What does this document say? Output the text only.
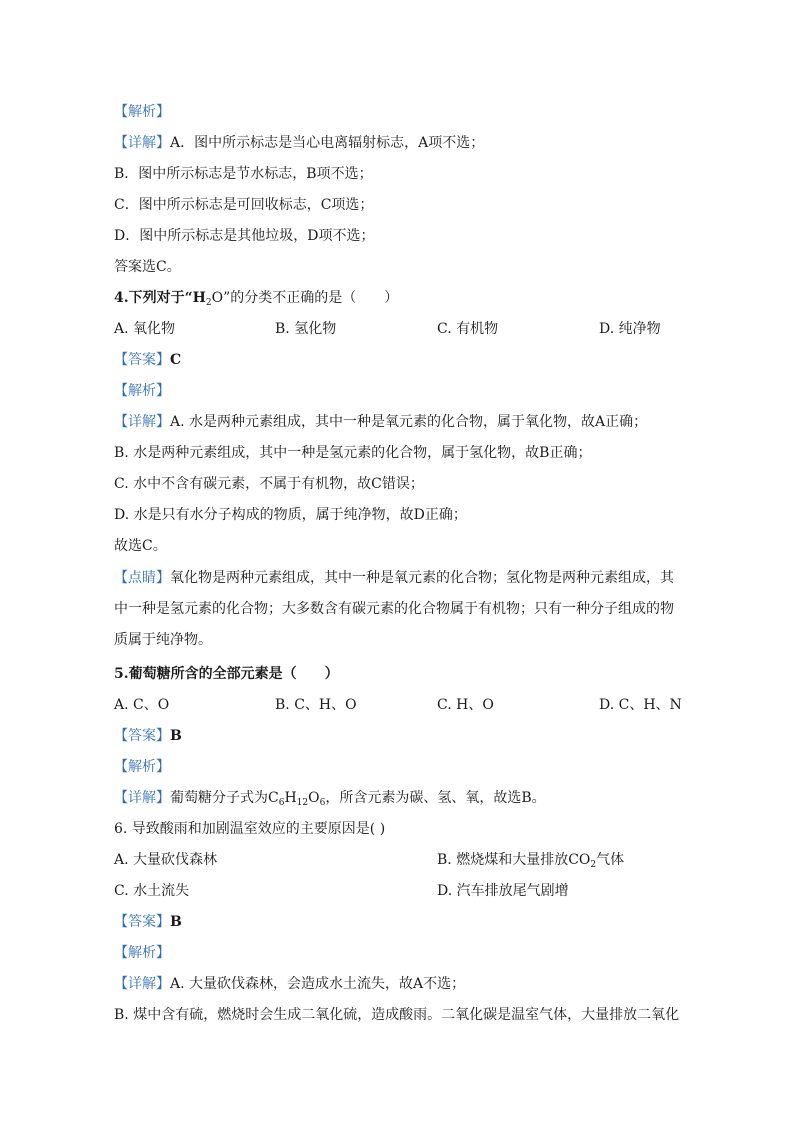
【解析】
【详解】A．图中所示标志是当心电离辐射标志，A项不选；
B．图中所示标志是节水标志，B项不选；
C．图中所示标志是可回收标志，C项选；
D．图中所示标志是其他垃圾，D项不选；
答案选C。
4.下列对于“$H_2O$”的分类不正确的是（　　）
A. 氧化物	B. 氢化物	C. 有机物	D. 纯净物
【答案】C
【解析】
【详解】A. 水是两种元素组成，其中一种是氧元素的化合物，属于氧化物，故A正确；
B. 水是两种元素组成，其中一种是氢元素的化合物，属于氢化物，故B正确；
C. 水中不含有碳元素，不属于有机物，故C错误；
D. 水是只有水分子构成的物质，属于纯净物，故D正确；
故选C。
【点睛】氧化物是两种元素组成，其中一种是氧元素的化合物；氢化物是两种元素组成，其
中一种是氢元素的化合物；大多数含有碳元素的化合物属于有机物；只有一种分子组成的物
质属于纯净物。
5.葡萄糖所含的全部元素是（　　）
A. C、O	B. C、H、O	C. H、O	D. C、H、N
【答案】B
【解析】
【详解】葡萄糖分子式为$C_6H_{12}O_6$，所含元素为碳、氢、氧，故选B。
6. 导致酸雨和加剧温室效应的主要原因是( )
A. 大量砍伐森林	B. 燃烧煤和大量排放$CO_2$气体
C. 水土流失	D. 汽车排放尾气剧增
【答案】B
【解析】
【详解】A. 大量砍伐森林，会造成水土流失，故A不选；
B. 煤中含有硫，燃烧时会生成二氧化硫，造成酸雨。二氧化碳是温室气体，大量排放二氧化
